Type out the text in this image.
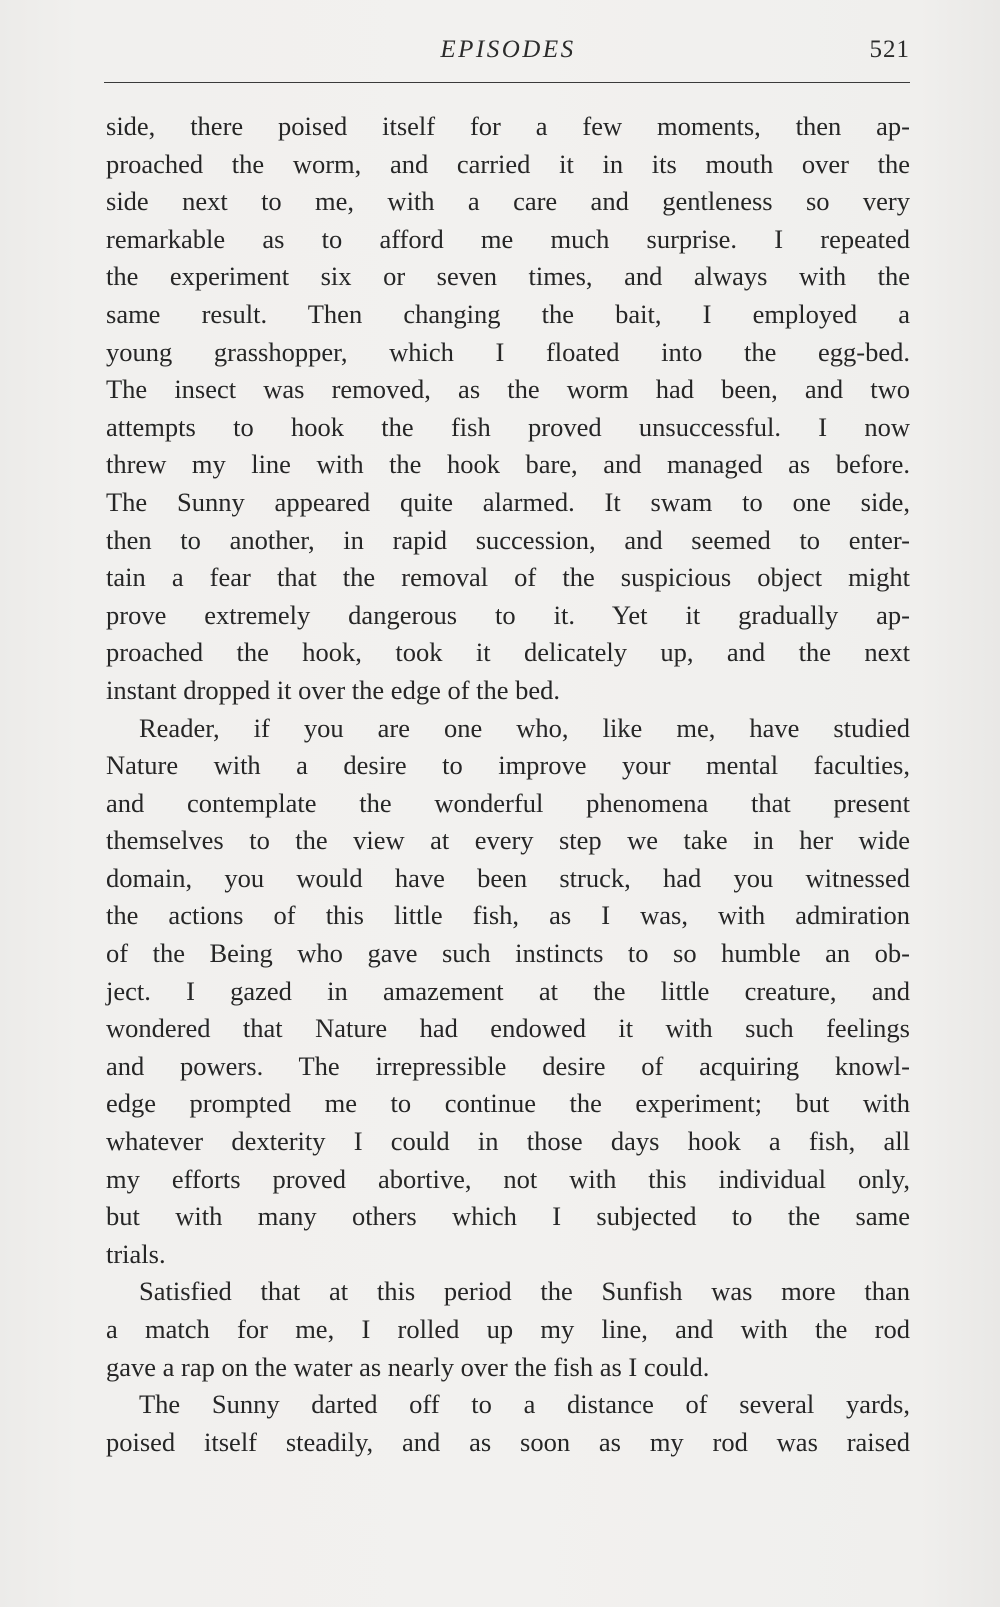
EPISODES	521
side, there poised itself for a few moments, then ap-
proached the worm, and carried it in its mouth over the
side next to me, with a care and gentleness so very
remarkable as to afford me much surprise. I repeated
the experiment six or seven times, and always with the
same result. Then changing the bait, I employed a
young grasshopper, which I floated into the egg-bed.
The insect was removed, as the worm had been, and two
attempts to hook the fish proved unsuccessful. I now
threw my line with the hook bare, and managed as before.
The Sunny appeared quite alarmed. It swam to one side,
then to another, in rapid succession, and seemed to enter-
tain a fear that the removal of the suspicious object might
prove extremely dangerous to it. Yet it gradually ap-
proached the hook, took it delicately up, and the next
instant dropped it over the edge of the bed.
Reader, if you are one who, like me, have studied
Nature with a desire to improve your mental faculties,
and contemplate the wonderful phenomena that present
themselves to the view at every step we take in her wide
domain, you would have been struck, had you witnessed
the actions of this little fish, as I was, with admiration
of the Being who gave such instincts to so humble an ob-
ject. I gazed in amazement at the little creature, and
wondered that Nature had endowed it with such feelings
and powers. The irrepressible desire of acquiring knowl-
edge prompted me to continue the experiment; but with
whatever dexterity I could in those days hook a fish, all
my efforts proved abortive, not with this individual only,
but with many others which I subjected to the same
trials.
Satisfied that at this period the Sunfish was more than
a match for me, I rolled up my line, and with the rod
gave a rap on the water as nearly over the fish as I could.
The Sunny darted off to a distance of several yards,
poised itself steadily, and as soon as my rod was raised
